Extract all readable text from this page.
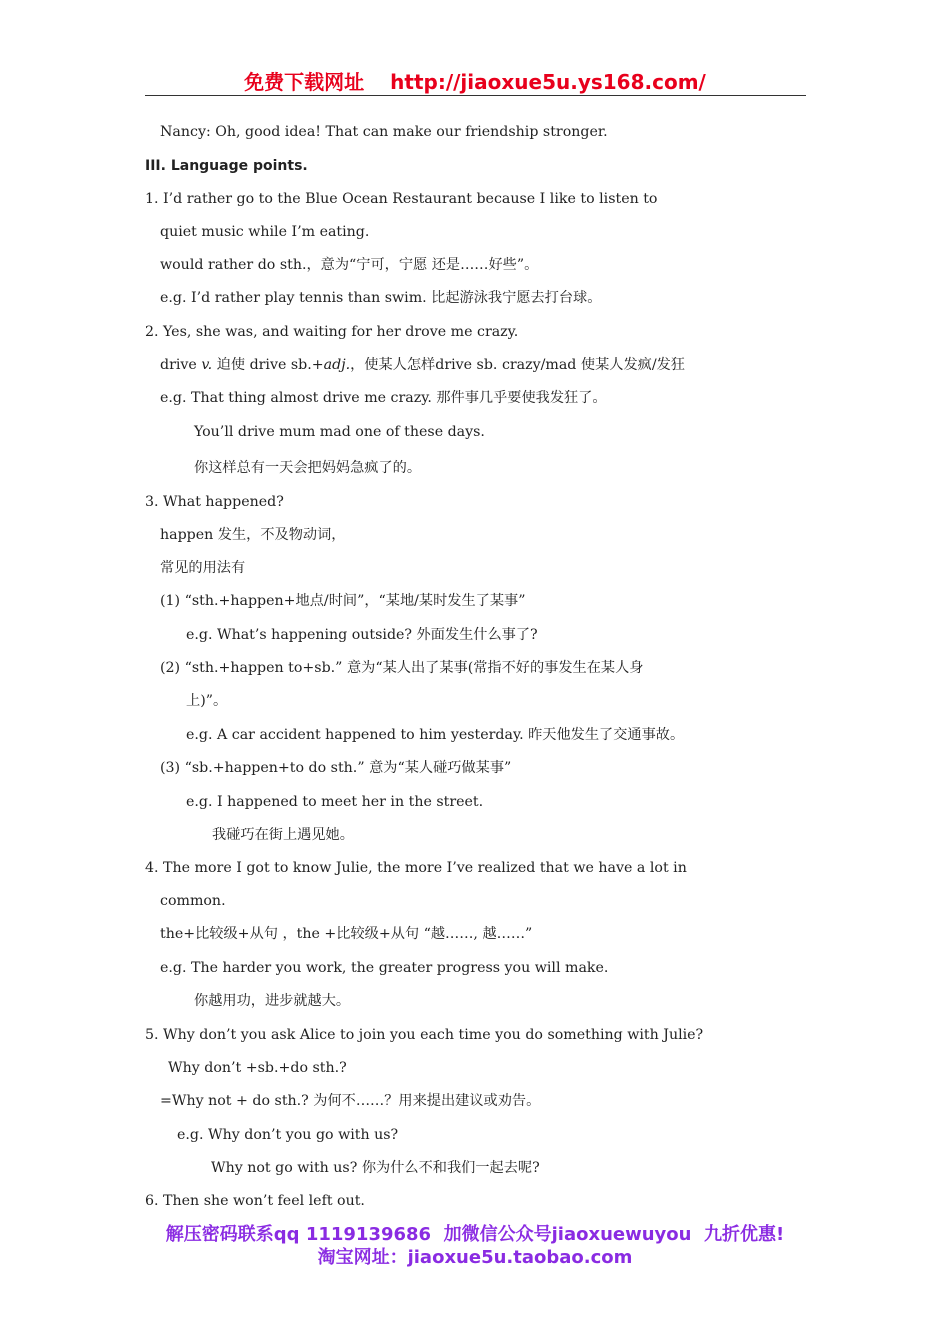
免费下载网址 http://jiaoxue5u.ys168.com/
Nancy: Oh, good idea! That can make our friendship stronger.
III. Language points.
1. I’d rather go to the Blue Ocean Restaurant because I like to listen to
quiet music while I’m eating.
would rather do sth.，意为“宁可，宁愿 还是……好些”。
e.g. I’d rather play tennis than swim. 比起游泳我宁愿去打台球。
2. Yes, she was, and waiting for her drove me crazy.
drive v. 迫使 drive sb.+adj.，使某人怎样drive sb. crazy/mad 使某人发疯/发狂
e.g. That thing almost drive me crazy. 那件事几乎要使我发狂了。
You’ll drive mum mad one of these days.
你这样总有一天会把妈妈急疯了的。
3. What happened?
happen 发生，不及物动词，
常见的用法有
(1) “sth.+happen+地点/时间”，“某地/某时发生了某事”
e.g. What’s happening outside? 外面发生什么事了?
(2) “sth.+happen to+sb.” 意为“某人出了某事(常指不好的事发生在某人身
上)”。
e.g. A car accident happened to him yesterday. 昨天他发生了交通事故。
(3) “sb.+happen+to do sth.” 意为“某人碰巧做某事”
e.g. I happened to meet her in the street.
我碰巧在街上遇见她。
4. The more I got to know Julie, the more I’ve realized that we have a lot in
common.
the+比较级+从句 ，the +比较级+从句 “越……, 越……”
e.g. The harder you work, the greater progress you will make.
你越用功，进步就越大。
5. Why don’t you ask Alice to join you each time you do something with Julie?
Why don’t +sb.+do sth.?
=Why not + do sth.? 为何不……？用来提出建议或劝告。
e.g. Why don’t you go with us?
Why not go with us? 你为什么不和我们一起去呢?
6. Then she won’t feel left out.
解压密码联系qq 1119139686  加微信公众号jiaoxuewuyou  九折优惠!
淘宝网址：jiaoxue5u.taobao.com
